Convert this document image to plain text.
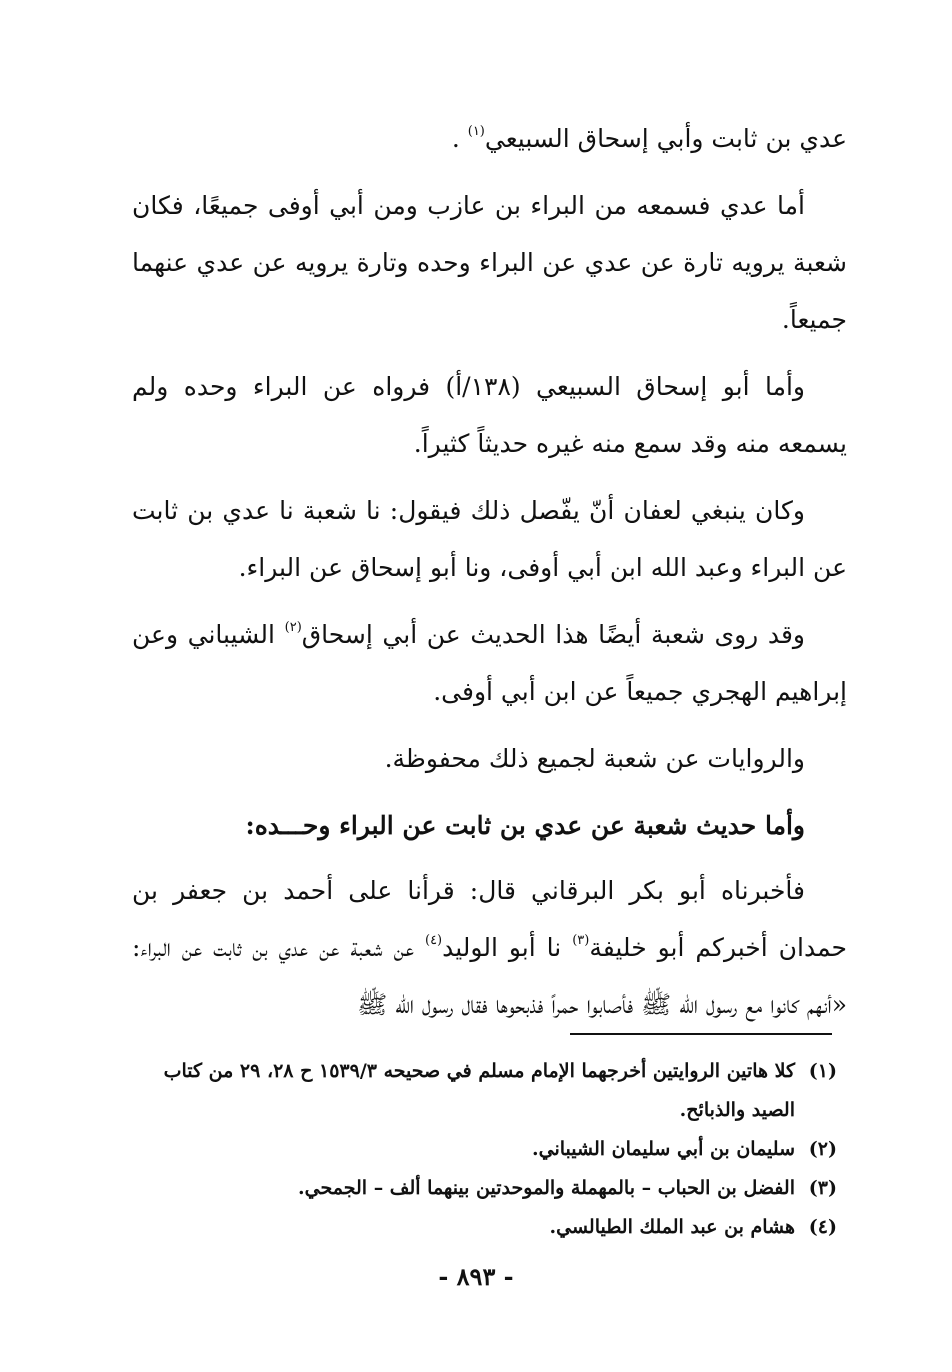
عدي بن ثابت وأبي إسحاق السبيعي$^{(١)}$ .

أما عدي فسمعه من البراء بن عازب ومن أبي أوفى جميعًا، فكان شعبة يرويه تارة عن عدي عن البراء وحده وتارة يرويه عن عدي عنهما جميعاً.

وأما أبو إسحاق السبيعي (١٣٨/أ) فرواه عن البراء وحده ولم يسمعه منه وقد سمع منه غيره حديثاً كثيراً.

وكان ينبغي لعفان أنّ يفّصل ذلك فيقول: نا شعبة نا عدي بن ثابت عن البراء وعبد الله ابن أبي أوفى، ونا أبو إسحاق عن البراء.

وقد روى شعبة أيضًا هذا الحديث عن أبي إسحاق$^{(٢)}$ الشيباني وعن إبراهيم الهجري جميعاً عن ابن أبي أوفى.

والروايات عن شعبة لجميع ذلك محفوظة.

وأما حديث شعبة عن عدي بن ثابت عن البراء وحـــده:

فأخبرناه أبو بكر البرقاني قال: قرأنا على أحمد بن جعفر بن حمدان أخبركم أبو خليفة$^{(٣)}$ نا أبو الوليد$^{(٤)}$ عن شعبة عن عدي بن ثابت عن البراء: «أنهم كانوا مع رسول الله ﷺ فأصابوا حمراً فذبحوها فقال رسول الله ﷺ

(١)
كلا هاتين الروايتين أخرجهما الإمام مسلم في صحيحه ١٥٣٩/٣ ح ٢٨، ٢٩ من كتاب الصيد والذبائح.
(٢)
سليمان بن أبي سليمان الشيباني.
(٣)
الفضل بن الحباب – بالمهملة والموحدتين بينهما ألف – الجمحي.
(٤)
هشام بن عبد الملك الطيالسي.
- ٨٩٣ -
